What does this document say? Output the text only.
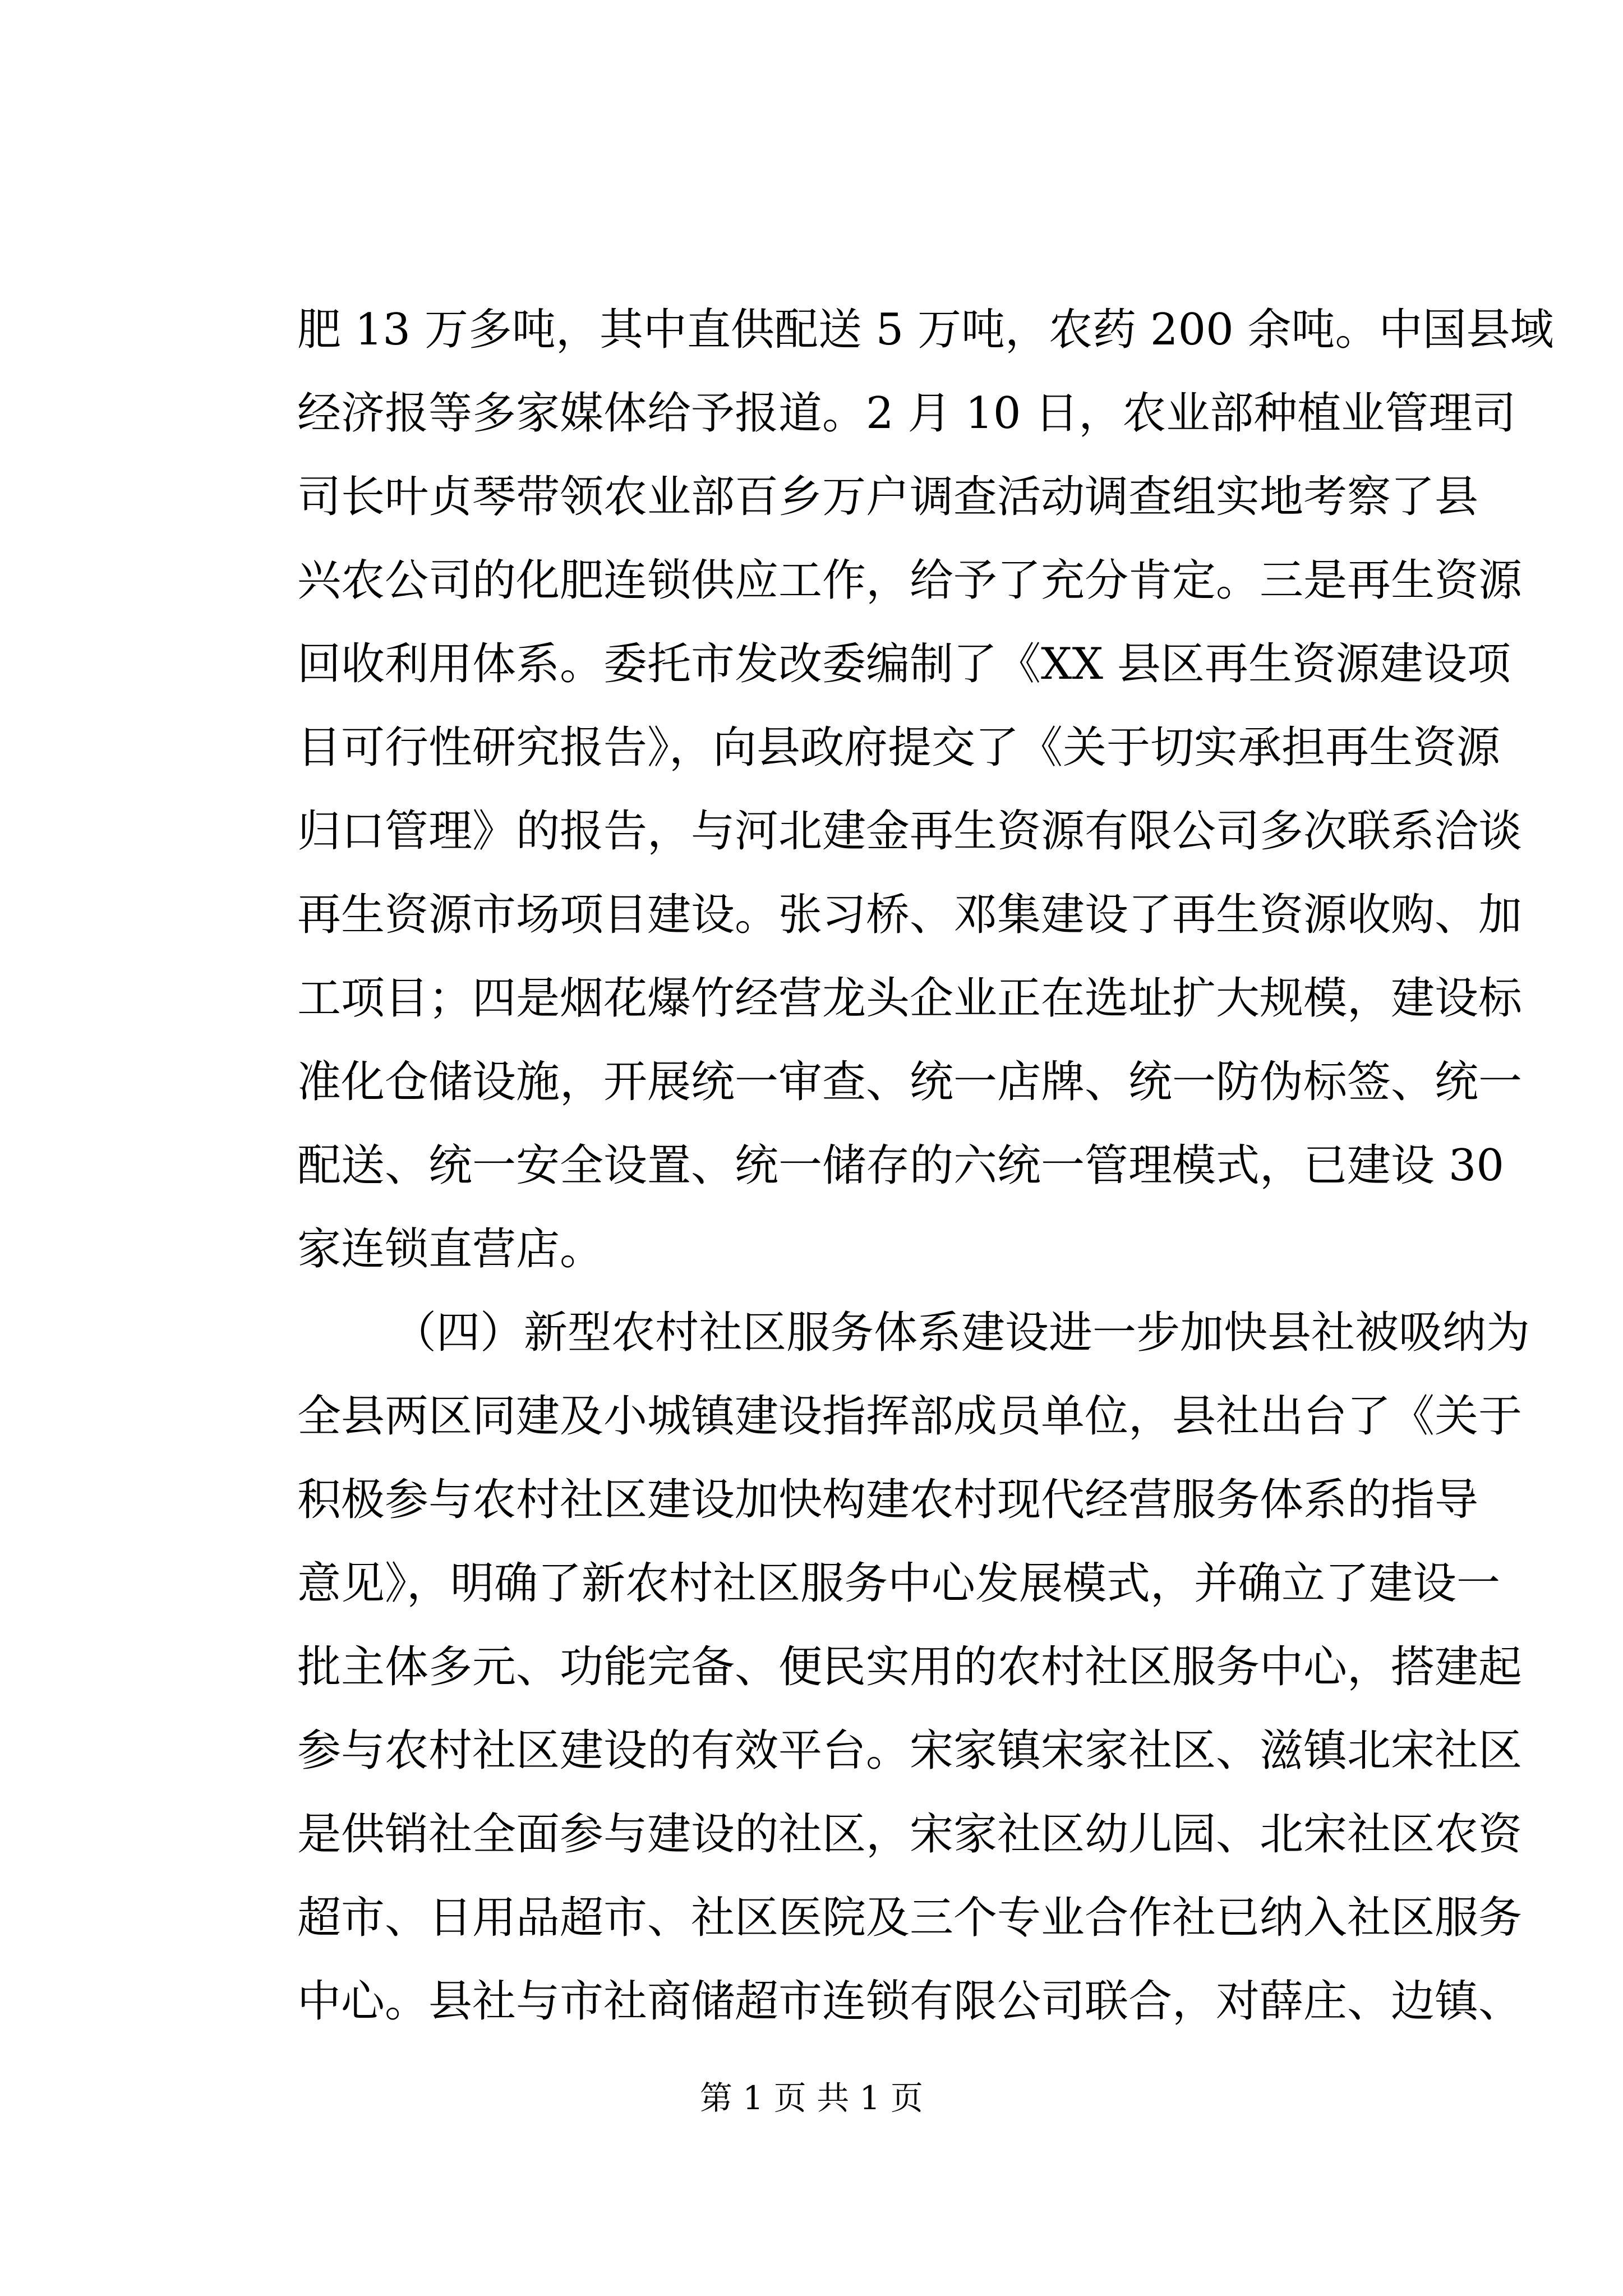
肥 13 万多吨，其中直供配送 5 万吨，农药 200 余吨。中国县域
经济报等多家媒体给予报道。2 月 10 日，农业部种植业管理司
司长叶贞琴带领农业部百乡万户调查活动调查组实地考察了县
兴农公司的化肥连锁供应工作，给予了充分肯定。三是再生资源
回收利用体系。委托市发改委编制了《XX 县区再生资源建设项
目可行性研究报告》，向县政府提交了《关于切实承担再生资源
归口管理》的报告，与河北建金再生资源有限公司多次联系洽谈
再生资源市场项目建设。张习桥、邓集建设了再生资源收购、加
工项目；四是烟花爆竹经营龙头企业正在选址扩大规模，建设标
准化仓储设施，开展统一审查、统一店牌、统一防伪标签、统一
配送、统一安全设置、统一储存的六统一管理模式，已建设 30
家连锁直营店。
（四）新型农村社区服务体系建设进一步加快县社被吸纳为
全县两区同建及小城镇建设指挥部成员单位，县社出台了《关于
积极参与农村社区建设加快构建农村现代经营服务体系的指导
意见》，明确了新农村社区服务中心发展模式，并确立了建设一
批主体多元、功能完备、便民实用的农村社区服务中心，搭建起
参与农村社区建设的有效平台。宋家镇宋家社区、滋镇北宋社区
是供销社全面参与建设的社区，宋家社区幼儿园、北宋社区农资
超市、日用品超市、社区医院及三个专业合作社已纳入社区服务
中心。县社与市社商储超市连锁有限公司联合，对薛庄、边镇、
第 1 页 共 1 页
